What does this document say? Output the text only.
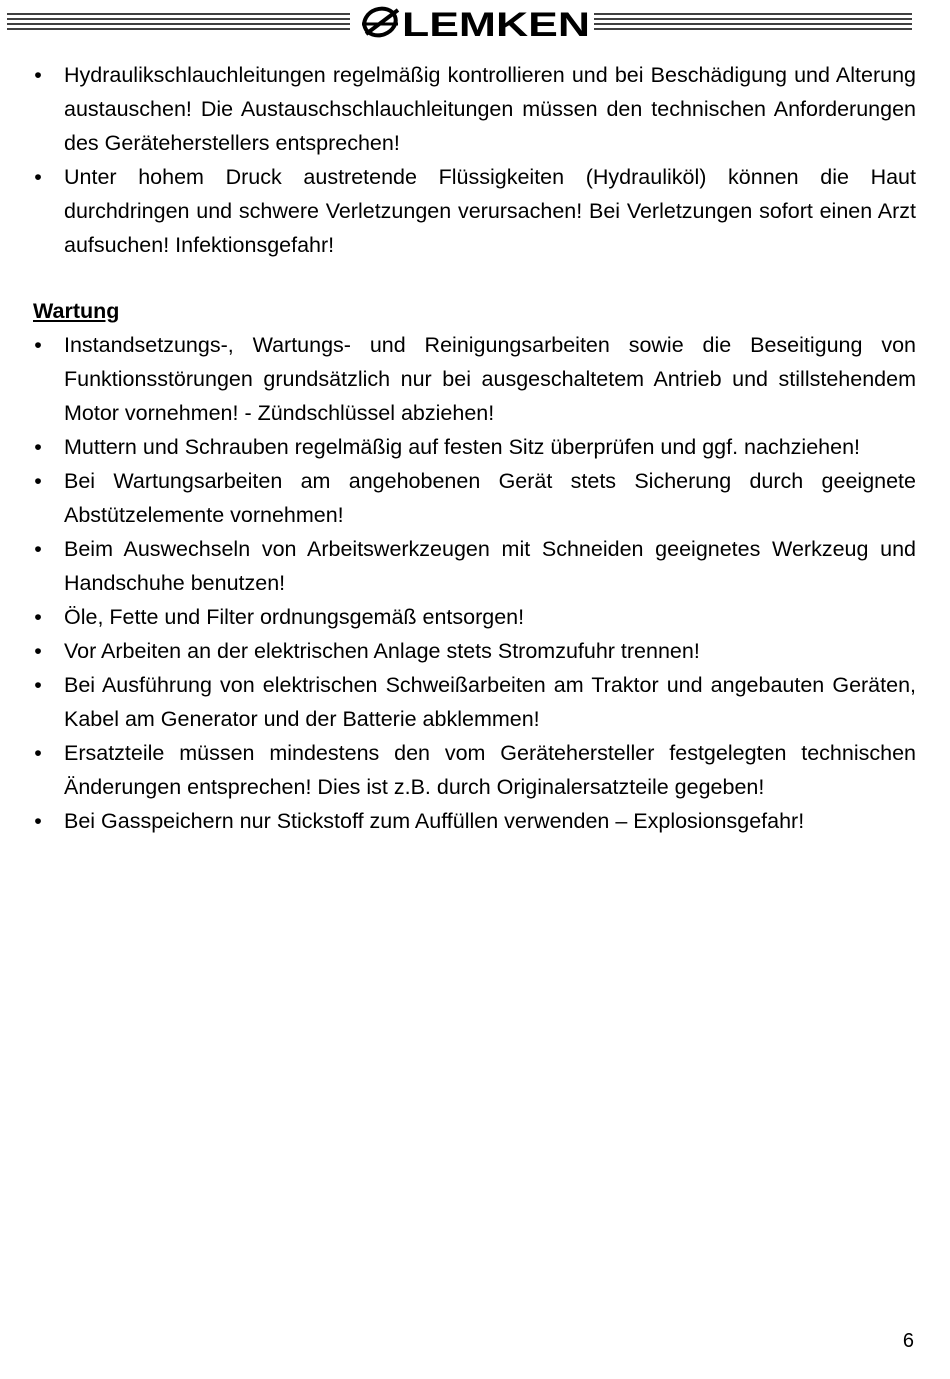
LEMKEN
• Hydraulikschlauchleitungen regelmäßig kontrollieren und bei Beschädigung und Alterung austauschen! Die Austauschschlauchleitungen müssen den technischen Anforderungen des Geräteherstellers entsprechen!
• Unter hohem Druck austretende Flüssigkeiten (Hydrauliköl) können die Haut durchdringen und schwere Verletzungen verursachen! Bei Verletzungen sofort einen Arzt aufsuchen! Infektionsgefahr!
Wartung
• Instandsetzungs-, Wartungs- und Reinigungsarbeiten sowie die Beseitigung von Funktionsstörungen grundsätzlich nur bei ausgeschaltetem Antrieb und stillstehendem Motor vornehmen! - Zündschlüssel abziehen!
• Muttern und Schrauben regelmäßig auf festen Sitz überprüfen und ggf. nachziehen!
• Bei Wartungsarbeiten am angehobenen Gerät stets Sicherung durch geeignete Abstützelemente vornehmen!
• Beim Auswechseln von Arbeitswerkzeugen mit Schneiden geeignetes Werkzeug und Handschuhe benutzen!
• Öle, Fette und Filter ordnungsgemäß entsorgen!
• Vor Arbeiten an der elektrischen Anlage stets Stromzufuhr trennen!
• Bei Ausführung von elektrischen Schweißarbeiten am Traktor und angebauten Geräten, Kabel am Generator und der Batterie abklemmen!
• Ersatzteile müssen mindestens den vom Gerätehersteller festgelegten technischen Änderungen entsprechen! Dies ist z.B. durch Originalersatzteile gegeben!
• Bei Gasspeichern nur Stickstoff zum Auffüllen verwenden – Explosionsgefahr!
6
